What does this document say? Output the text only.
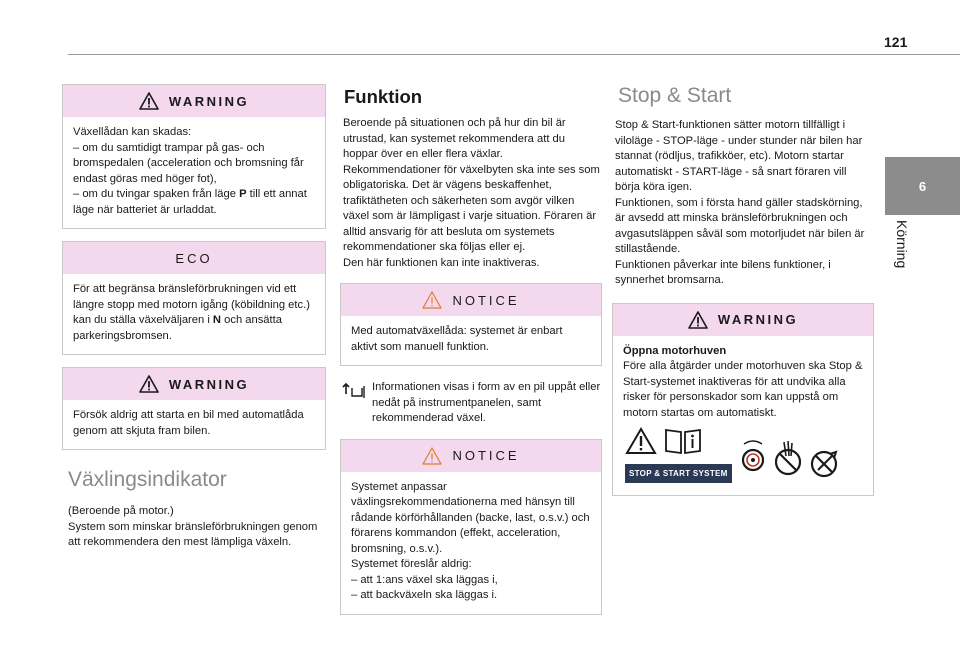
121
6
Körning
WARNING

Växellådan kan skadas:

– om du samtidigt trampar på gas- och bromspedalen (acceleration och bromsning får endast göras med höger fot),

– om du tvingar spaken från läge P till ett annat läge när batteriet är urladdat.

ECO

För att begränsa bränsleförbrukningen vid ett längre stopp med motorn igång (köbildning etc.) kan du ställa växelväljaren i N och ansätta parkeringsbromsen.

WARNING

Försök aldrig att starta en bil med automatlåda genom att skjuta fram bilen.

Växlingsindikator

(Beroende på motor.)

System som minskar bränsleförbrukningen genom att rekommendera den mest lämpliga växeln.

Funktion

Beroende på situationen och på hur din bil är utrustad, kan systemet rekommendera att du hoppar över en eller flera växlar.

Rekommendationer för växelbyten ska inte ses som obligatoriska. Det är vägens beskaffenhet, trafiktätheten och säkerheten som avgör vilken växel som är lämpligast i varje situation. Föraren är alltid ansvarig för att besluta om systemets rekommendationer ska följas eller ej.

Den här funktionen kan inte inaktiveras.

NOTICE

Med automatväxellåda: systemet är enbart aktivt som manuell funktion.

Informationen visas i form av en pil uppåt eller nedåt på instrumentpanelen, samt rekommenderad växel.
NOTICE

Systemet anpassar växlingsrekommendationerna med hänsyn till rådande körförhållanden (backe, last, o.s.v.) och förarens kommandon (effekt, acceleration, bromsning, o.s.v.).

Systemet föreslår aldrig:

– att 1:ans växel ska läggas i,

– att backväxeln ska läggas i.

Stop & Start

Stop & Start-funktionen sätter motorn tillfälligt i viloläge - STOP-läge - under stunder när bilen har stannat (rödljus, trafikköer, etc). Motorn startar automatiskt - START-läge - så snart föraren vill börja köra igen.

Funktionen, som i första hand gäller stadskörning, är avsedd att minska bränsleförbrukningen och avgasutsläppen såväl som motorljudet när bilen är stillastående.

Funktionen påverkar inte bilens funktioner, i synnerhet bromsarna.

WARNING

Öppna motorhuven

Före alla åtgärder under motorhuven ska Stop & Start-systemet inaktiveras för att undvika alla risker för personskador som kan uppstå om motorn startas om automatiskt.

STOP & START SYSTEM
